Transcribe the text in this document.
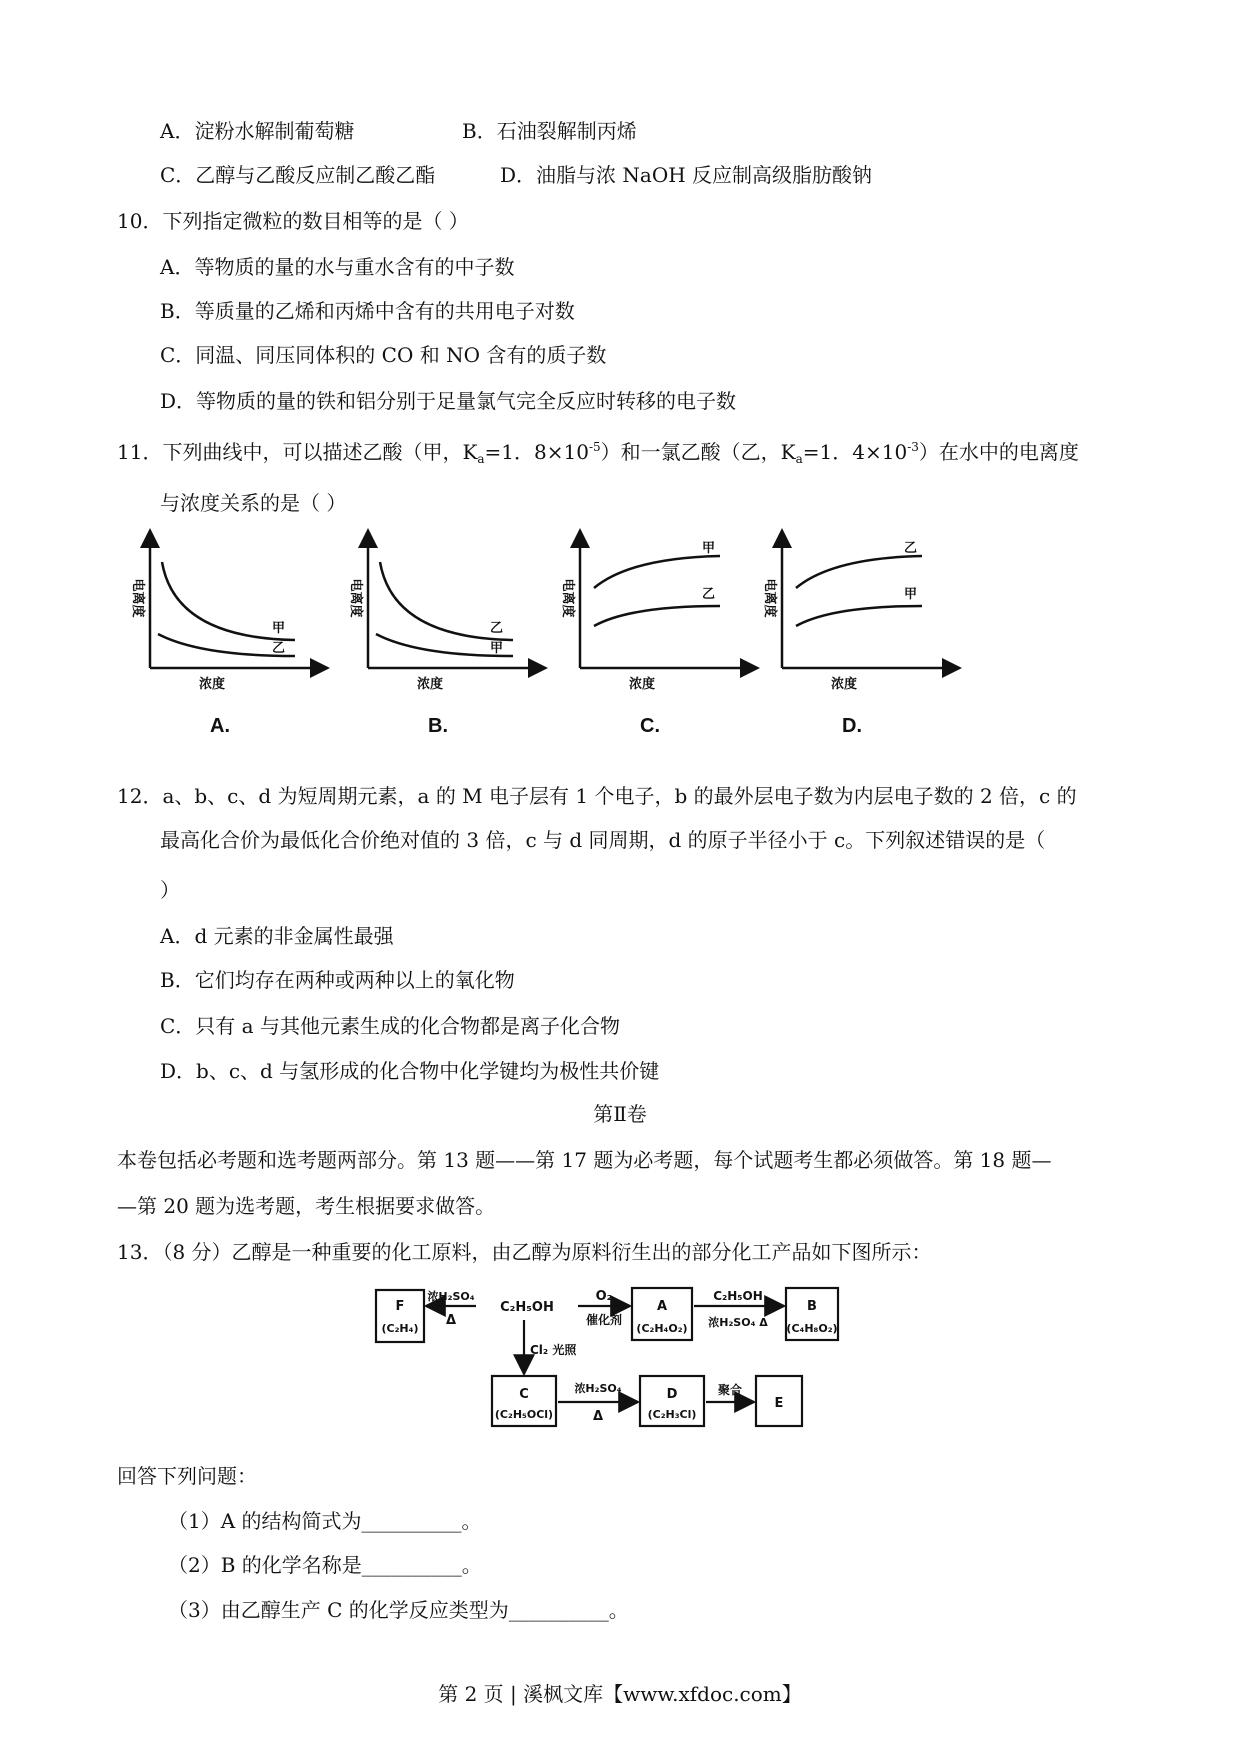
A．淀粉水解制葡萄糖	B．石油裂解制丙烯
C．乙醇与乙酸反应制乙酸乙酯	D．油脂与浓 NaOH 反应制高级脂肪酸钠
10．下列指定微粒的数目相等的是（ ）
A．等物质的量的水与重水含有的中子数
B．等质量的乙烯和丙烯中含有的共用电子对数
C．同温、同压同体积的 CO 和 NO 含有的质子数
D．等物质的量的铁和铝分别于足量氯气完全反应时转移的电子数
11．下列曲线中，可以描述乙酸（甲，$K_a=1$．$8\times 10^{-5}$）和一氯乙酸（乙，$K_a=1$．$4\times 10^{-3}$）在水中的电离度
与浓度关系的是（ ）
甲
乙
电离度
浓度
A.
乙
甲
电离度
浓度
B.
甲
乙
电离度
浓度
C.
乙
甲
电离度
浓度
D.
12．a、b、c、d 为短周期元素，a 的 M 电子层有 1 个电子，b 的最外层电子数为内层电子数的 2 倍，c 的
最高化合价为最低化合价绝对值的 3 倍，c 与 d 同周期，d 的原子半径小于 c。下列叙述错误的是（
）
A．d 元素的非金属性最强
B．它们均存在两种或两种以上的氧化物
C．只有 a 与其他元素生成的化合物都是离子化合物
D．b、c、d 与氢形成的化合物中化学键均为极性共价键
第Ⅱ卷
本卷包括必考题和选考题两部分。第 13 题——第 17 题为必考题，每个试题考生都必须做答。第 18 题—
—第 20 题为选考题，考生根据要求做答。
13．（8 分）乙醇是一种重要的化工原料，由乙醇为原料衍生出的部分化工产品如下图所示：
F
(C₂H₄)
浓H₂SO₄
Δ
C₂H₅OH
O₂
催化剂
A
(C₂H₄O₂)
C₂H₅OH
浓H₂SO₄ Δ
B
(C₄H₈O₂)
Cl₂ 光照
C
(C₂H₅OCl)
浓H₂SO₄
Δ
D
(C₂H₃Cl)
聚合
E
回答下列问题：
（1）A 的结构简式为__________。
（2）B 的化学名称是__________。
（3）由乙醇生产 C 的化学反应类型为__________。
第 2 页 | 溪枫文库【www.xfdoc.com】
